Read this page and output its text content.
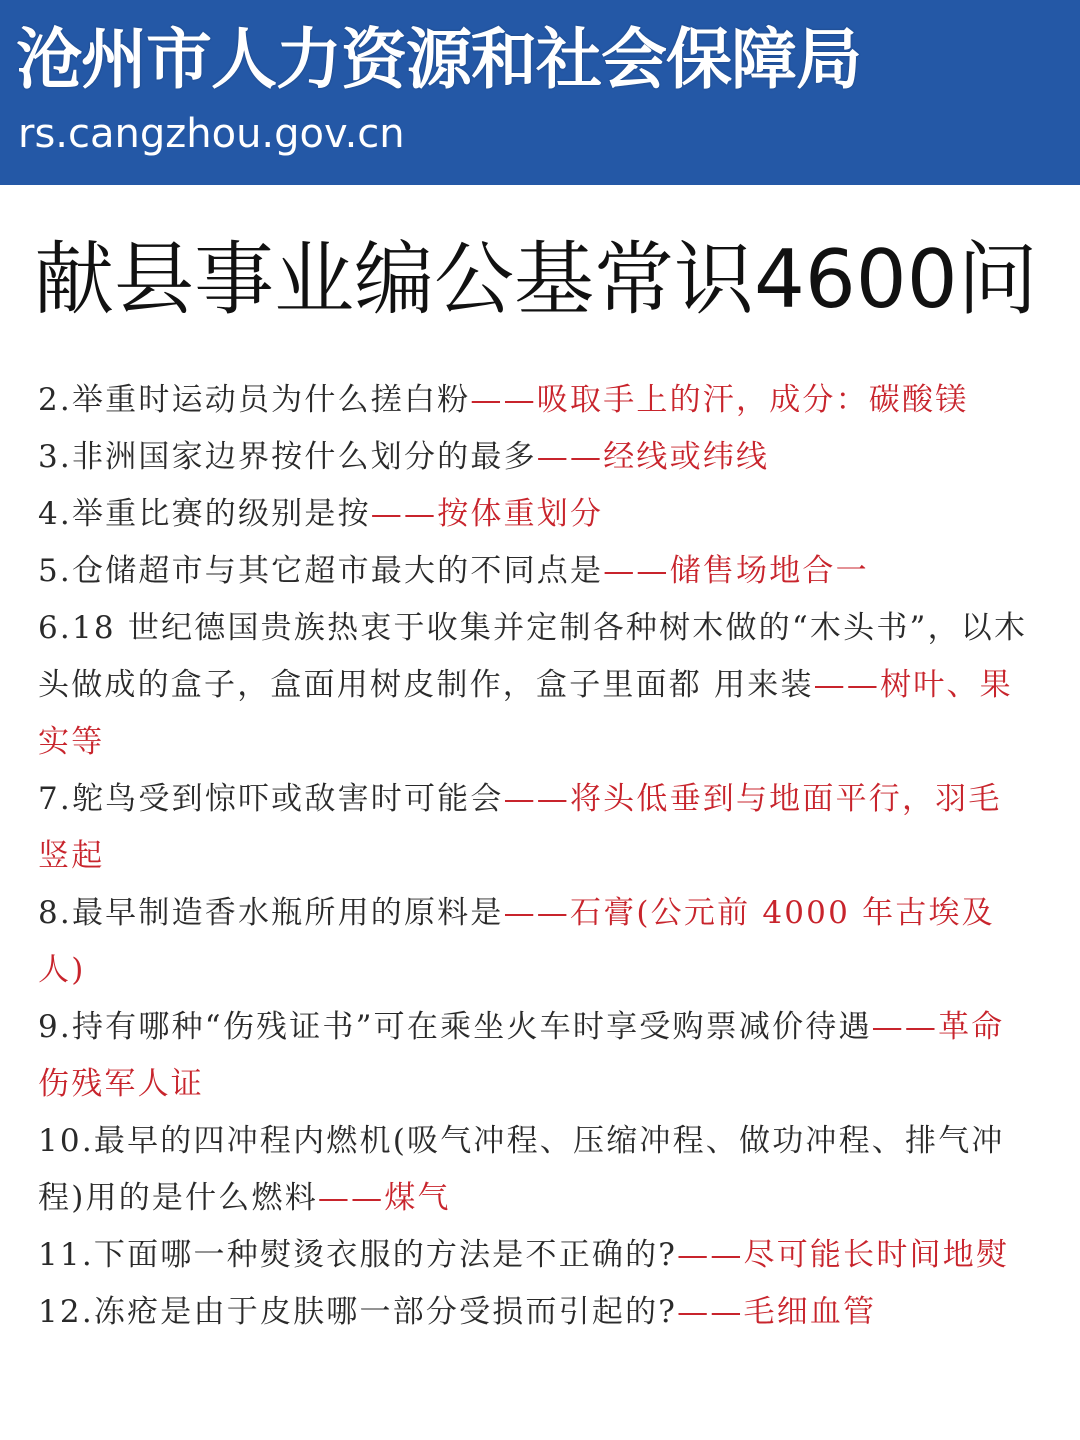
沧州市人力资源和社会保障局
rs.cangzhou.gov.cn
献县事业编公基常识4600问
2.举重时运动员为什么搓白粉——吸取手上的汗，成分：碳酸镁
3.非洲国家边界按什么划分的最多——经线或纬线
4.举重比赛的级别是按——按体重划分
5.仓储超市与其它超市最大的不同点是——储售场地合一
6.18 世纪德国贵族热衷于收集并定制各种树木做的“木头书”，以木头做成的盒子，盒面用树皮制作，盒子里面都 用来装——树叶、果实等
7.鸵鸟受到惊吓或敌害时可能会——将头低垂到与地面平行，羽毛竖起
8.最早制造香水瓶所用的原料是——石膏(公元前 4000 年古埃及人)
9.持有哪种“伤残证书”可在乘坐火车时享受购票减价待遇——革命伤残军人证
10.最早的四冲程内燃机(吸气冲程、压缩冲程、做功冲程、排气冲程)用的是什么燃料——煤气
11.下面哪一种熨烫衣服的方法是不正确的?——尽可能长时间地熨
12.冻疮是由于皮肤哪一部分受损而引起的?——毛细血管
